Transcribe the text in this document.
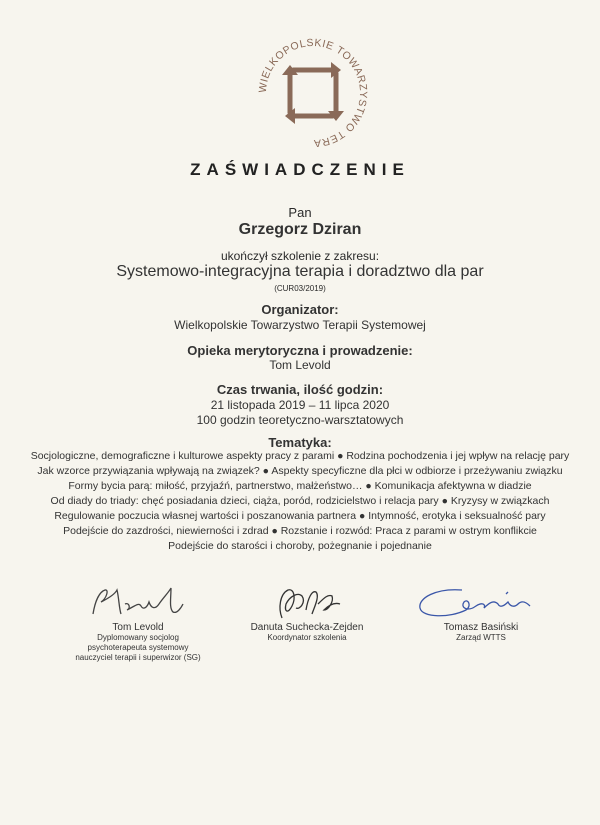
WIELKOPOLSKIE TOWARZYSTWO TERA
ZAŚWIADCZENIE
Pan
Grzegorz Dziran
ukończył szkolenie z zakresu:
Systemowo-integracyjna terapia i doradztwo dla par
(CUR03/2019)
Organizator:
Wielkopolskie Towarzystwo Terapii Systemowej
Opieka merytoryczna i prowadzenie:
Tom Levold
Czas trwania, ilość godzin:
21 listopada 2019 – 11 lipca 2020
100 godzin teoretyczno-warsztatowych
Tematyka:
Socjologiczne, demograficzne i kulturowe aspekty pracy z parami ● Rodzina pochodzenia i jej wpływ na relację pary
Jak wzorce przywiązania wpływają na związek? ● Aspekty specyficzne dla płci w odbiorze i przeżywaniu związku
Formy bycia parą: miłość, przyjaźń, partnerstwo, małżeństwo… ● Komunikacja afektywna w diadzie
Od diady do triady: chęć posiadania dzieci, ciąża, poród, rodzicielstwo i relacja pary ● Kryzysy w związkach
Regulowanie poczucia własnej wartości i poszanowania partnera ● Intymność, erotyka i seksualność pary
Podejście do zazdrości, niewierności i zdrad ● Rozstanie i rozwód: Praca z parami w ostrym konflikcie
Podejście do starości i choroby, pożegnanie i pojednanie
Tom Levold
Dyplomowany socjolog
psychoterapeuta systemowy
nauczyciel terapii i superwizor (SG)
Danuta Suchecka-Zejden
Koordynator szkolenia
Tomasz Basiński
Zarząd WTTS
